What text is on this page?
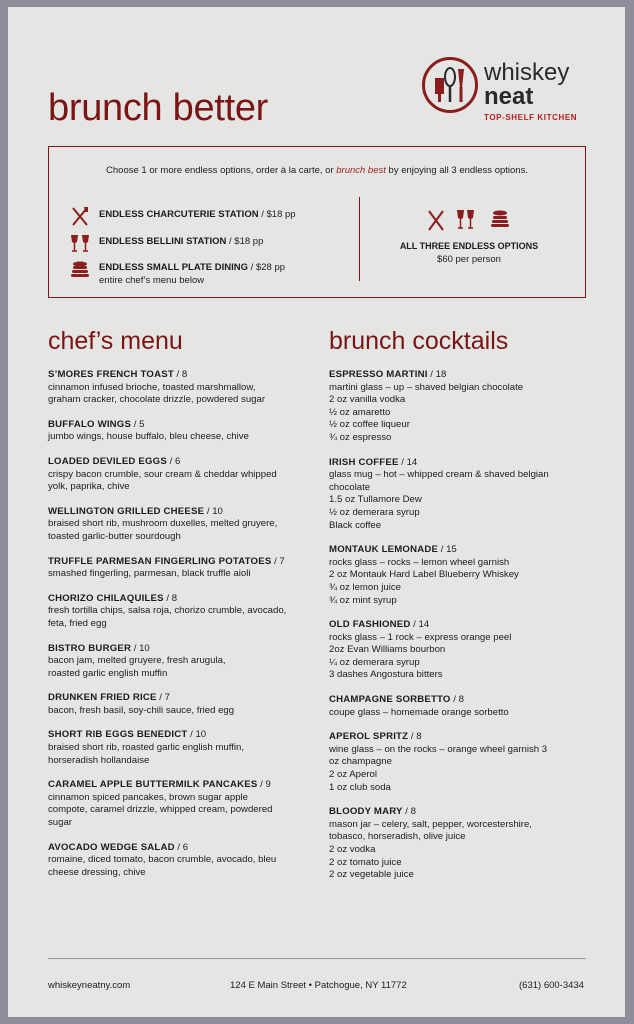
brunch better
whiskey
neat
TOP-SHELF KITCHEN
Choose 1 or more endless options, order à la carte, or brunch best by enjoying all 3 endless options.
ENDLESS CHARCUTERIE STATION / $18 pp
ENDLESS BELLINI STATION / $18 pp
ENDLESS SMALL PLATE DINING / $28 pp
entire chef’s menu below
ALL THREE ENDLESS OPTIONS
$60 per person
chef’s menu	brunch cocktails
S’MORES FRENCH TOAST / 8
cinnamon infused brioche, toasted marshmallow,
graham cracker, chocolate drizzle, powdered sugar
BUFFALO WINGS / 5
jumbo wings, house buffalo, bleu cheese, chive
LOADED DEVILED EGGS / 6
crispy bacon crumble, sour cream & cheddar whipped
yolk, paprika, chive
WELLINGTON GRILLED CHEESE / 10
braised short rib, mushroom duxelles, melted gruyere,
toasted garlic-butter sourdough
TRUFFLE PARMESAN FINGERLING POTATOES / 7
smashed fingerling, parmesan, black truffle aioli
CHORIZO CHILAQUILES / 8
fresh tortilla chips, salsa roja, chorizo crumble, avocado,
feta, fried egg
BISTRO BURGER / 10
bacon jam, melted gruyere, fresh arugula,
roasted garlic english muffin
DRUNKEN FRIED RICE / 7
bacon, fresh basil, soy-chili sauce, fried egg
SHORT RIB EGGS BENEDICT / 10
braised short rib, roasted garlic english muffin,
horseradish hollandaise
CARAMEL APPLE BUTTERMILK PANCAKES / 9
cinnamon spiced pancakes, brown sugar apple
compote, caramel drizzle, whipped cream, powdered
sugar
AVOCADO WEDGE SALAD / 6
romaine, diced tomato, bacon crumble, avocado, bleu
cheese dressing, chive
ESPRESSO MARTINI / 18
martini glass – up – shaved belgian chocolate
2 oz vanilla vodka
½ oz amaretto
½ oz coffee liqueur
¾ oz espresso
IRISH COFFEE / 14
glass mug – hot – whipped cream & shaved belgian
chocolate
1.5 oz Tullamore Dew
½ oz demerara syrup
Black coffee
MONTAUK LEMONADE / 15
rocks glass – rocks – lemon wheel garnish
2 oz Montauk Hard Label Blueberry Whiskey
¾ oz lemon juice
¾ oz mint syrup
OLD FASHIONED / 14
rocks glass – 1 rock – express orange peel
2oz Evan Williams bourbon
¼ oz demerara syrup
3 dashes Angostura bitters
CHAMPAGNE SORBETTO / 8
coupe glass – homemade orange sorbetto
APEROL SPRITZ / 8
wine glass – on the rocks – orange wheel garnish 3
oz champagne
2 oz Aperol
1 oz club soda
BLOODY MARY / 8
mason jar – celery, salt, pepper, worcestershire,
tobasco, horseradish, olive juice
2 oz vodka
2 oz tomato juice
2 oz vegetable juice
whiskeyneatny.com	124 E Main Street • Patchogue, NY 11772	(631) 600-3434
